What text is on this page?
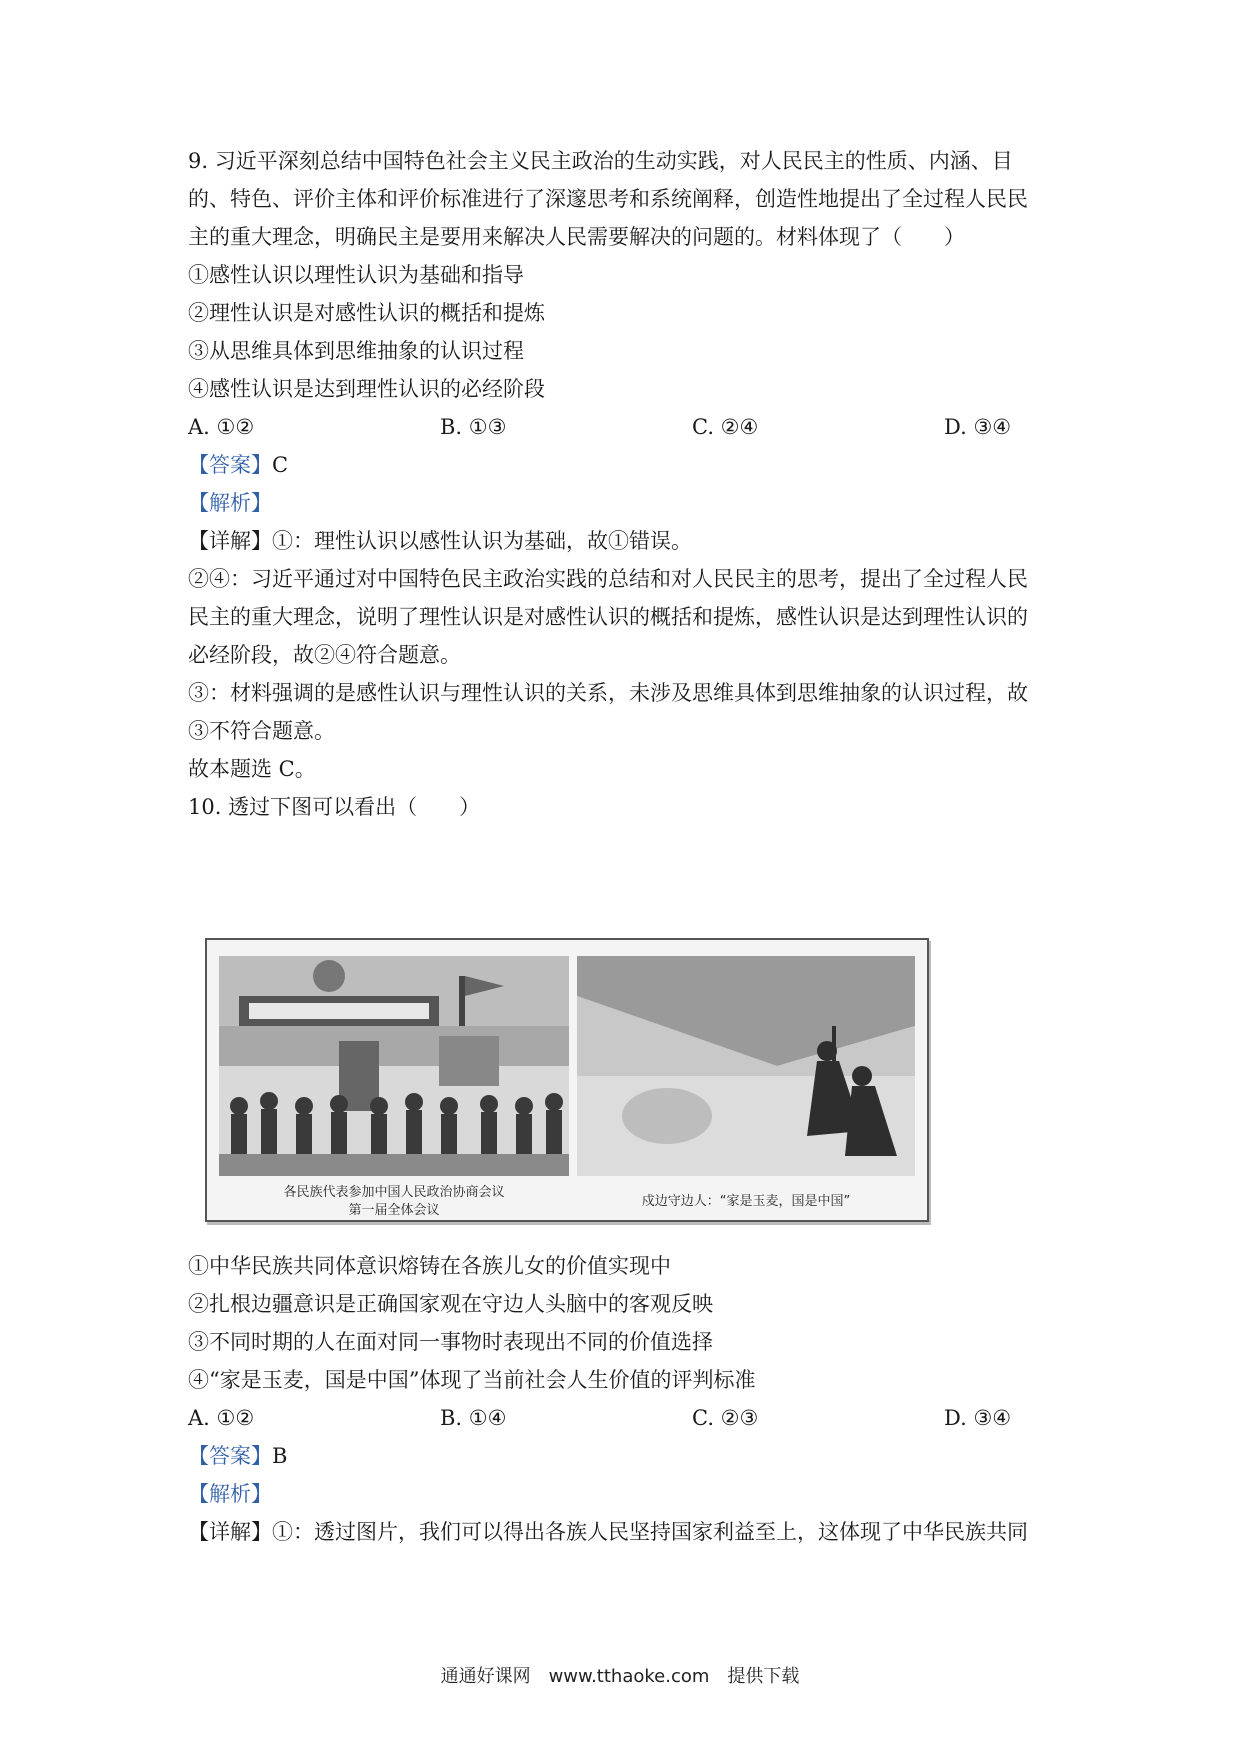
9. 习近平深刻总结中国特色社会主义民主政治的生动实践，对人民民主的性质、内涵、目
的、特色、评价主体和评价标准进行了深邃思考和系统阐释，创造性地提出了全过程人民民
主的重大理念，明确民主是要用来解决人民需要解决的问题的。材料体现了（　　）
①感性认识以理性认识为基础和指导
②理性认识是对感性认识的概括和提炼
③从思维具体到思维抽象的认识过程
④感性认识是达到理性认识的必经阶段
A. ①②	B. ①③	C. ②④	D. ③④
【答案】C
【解析】
【详解】①：理性认识以感性认识为基础，故①错误。
②④：习近平通过对中国特色民主政治实践的总结和对人民民主的思考，提出了全过程人民
民主的重大理念，说明了理性认识是对感性认识的概括和提炼，感性认识是达到理性认识的
必经阶段，故②④符合题意。
③：材料强调的是感性认识与理性认识的关系，未涉及思维具体到思维抽象的认识过程，故
③不符合题意。
故本题选 C。
10. 透过下图可以看出（　　）
各民族代表参加中国人民政治协商会议
第一届全体会议
戍边守边人：“家是玉麦，国是中国”
①中华民族共同体意识熔铸在各族儿女的价值实现中
②扎根边疆意识是正确国家观在守边人头脑中的客观反映
③不同时期的人在面对同一事物时表现出不同的价值选择
④“家是玉麦，国是中国”体现了当前社会人生价值的评判标准
A. ①②	B. ①④	C. ②③	D. ③④
【答案】B
【解析】
【详解】①：透过图片，我们可以得出各族人民坚持国家利益至上，这体现了中华民族共同
通通好课网　www.tthaoke.com　提供下载
